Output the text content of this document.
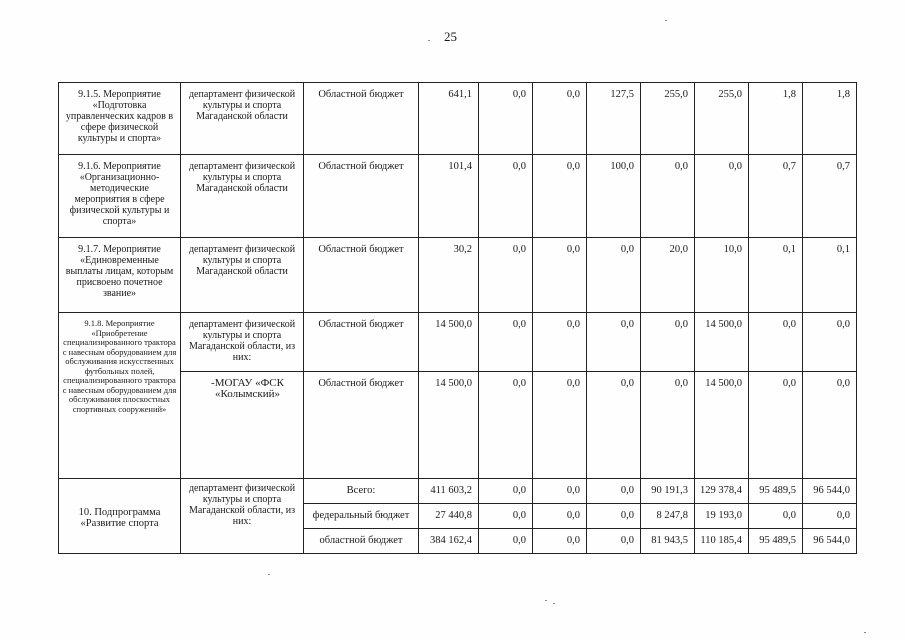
25
9.1.5. Мероприятие «Подготовка управленческих кадров в сфере физической культуры и спорта»	департамент физической культуры и спорта Магаданской области	Областной бюджет	641,1	0,0	0,0	127,5	255,0	255,0	1,8	1,8
9.1.6. Мероприятие «Организационно-методические мероприятия в сфере физической культуры и спорта»	департамент физической культуры и спорта Магаданской области	Областной бюджет	101,4	0,0	0,0	100,0	0,0	0,0	0,7	0,7
9.1.7. Мероприятие «Единовременные выплаты лицам, которым присвоено почетное звание»	департамент физической культуры и спорта Магаданской области	Областной бюджет	30,2	0,0	0,0	0,0	20,0	10,0	0,1	0,1
9.1.8. Мероприятие «Приобретение специализированного трактора с навесным оборудованием для обслуживания искусственных футбольных полей, специализированного трактора с навесным оборудованием для обслуживания плоскостных спортивных сооружений»	департамент физической культуры и спорта Магаданской области, из них:	Областной бюджет	14 500,0	0,0	0,0	0,0	0,0	14 500,0	0,0	0,0
	-МОГАУ «ФСК «Колымский»	Областной бюджет	14 500,0	0,0	0,0	0,0	0,0	14 500,0	0,0	0,0
10. Подпрограмма «Развитие спорта	департамент физической культуры и спорта Магаданской области, из них:	Всего:	411 603,2	0,0	0,0	0,0	90 191,3	129 378,4	95 489,5	96 544,0
		федеральный бюджет	27 440,8	0,0	0,0	0,0	8 247,8	19 193,0	0,0	0,0
		областной бюджет	384 162,4	0,0	0,0	0,0	81 943,5	110 185,4	95 489,5	96 544,0
